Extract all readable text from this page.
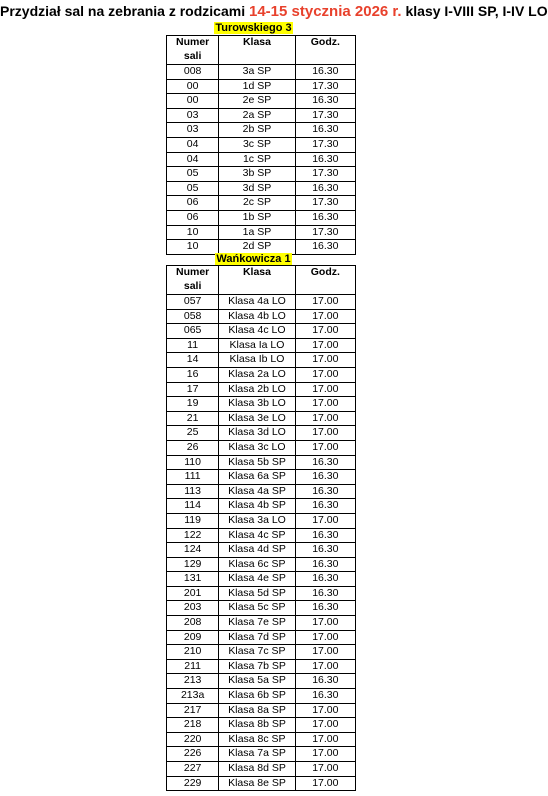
Przydział sal na zebrania z rodzicami 14-15 stycznia 2026 r. klasy I-VIII SP, I-IV LO
Turowskiego 3
Numer
sali	Klasa	Godz.
008	3a SP	16.30
00	1d SP	17.30
00	2e SP	16.30
03	2a SP	17.30
03	2b SP	16.30
04	3c SP	17.30
04	1c SP	16.30
05	3b SP	17.30
05	3d SP	16.30
06	2c SP	17.30
06	1b SP	16.30
10	1a SP	17.30
10	2d SP	16.30
Wańkowicza 1
Numer
sali	Klasa	Godz.
057	Klasa 4a LO	17.00
058	Klasa 4b LO	17.00
065	Klasa 4c LO	17.00
11	Klasa Ia LO	17.00
14	Klasa Ib LO	17.00
16	Klasa 2a LO	17.00
17	Klasa 2b LO	17.00
19	Klasa 3b LO	17.00
21	Klasa 3e LO	17.00
25	Klasa 3d LO	17.00
26	Klasa 3c LO	17.00
110	Klasa 5b SP	16.30
111	Klasa 6a SP	16.30
113	Klasa 4a SP	16.30
114	Klasa 4b SP	16.30
119	Klasa 3a LO	17.00
122	Klasa 4c SP	16.30
124	Klasa 4d SP	16.30
129	Klasa 6c SP	16.30
131	Klasa 4e SP	16.30
201	Klasa 5d SP	16.30
203	Klasa 5c SP	16.30
208	Klasa 7e SP	17.00
209	Klasa 7d SP	17.00
210	Klasa 7c SP	17.00
211	Klasa 7b SP	17.00
213	Klasa 5a SP	16.30
213a	Klasa 6b SP	16.30
217	Klasa 8a SP	17.00
218	Klasa 8b SP	17.00
220	Klasa 8c SP	17.00
226	Klasa 7a SP	17.00
227	Klasa 8d SP	17.00
229	Klasa 8e SP	17.00
